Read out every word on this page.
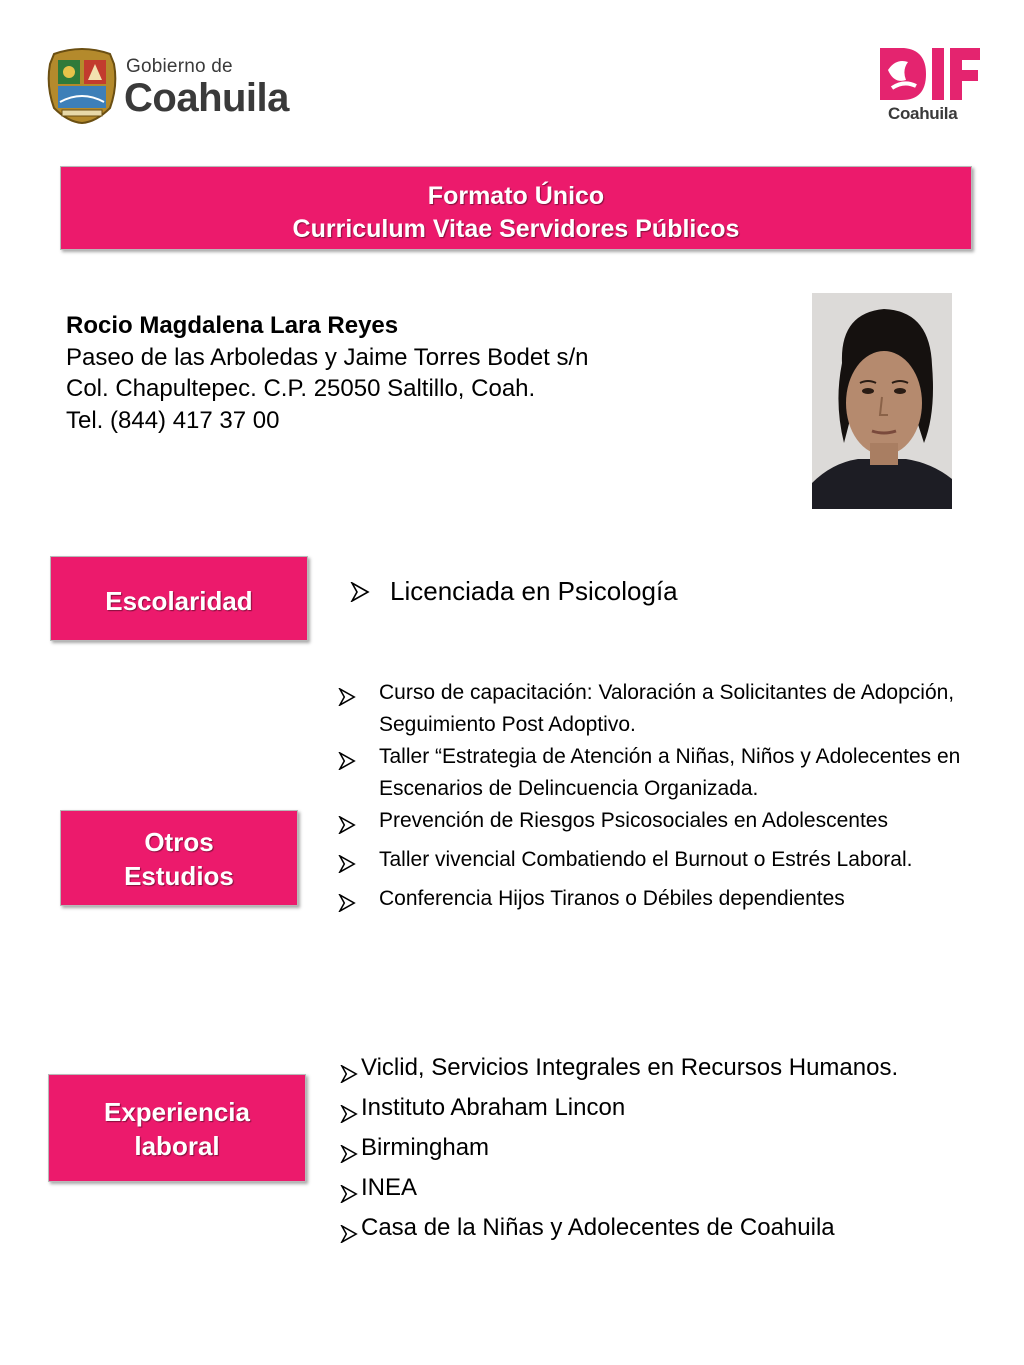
Gobierno de
Coahuila	Coahuila
Formato Único
Curriculum Vitae Servidores Públicos
Rocio Magdalena Lara Reyes
Paseo de las Arboledas y Jaime Torres Bodet s/n
Col. Chapultepec. C.P. 25050 Saltillo, Coah.
Tel. (844) 417 37 00
Escolaridad	Licenciada en Psicología
Otros
Estudios
Curso de capacitación: Valoración a Solicitantes de Adopción, Seguimiento Post Adoptivo.
Taller “Estrategia de Atención a Niñas, Niños y Adolecentes en Escenarios de Delincuencia Organizada.
Prevención de Riesgos Psicosociales en Adolescentes
Taller vivencial Combatiendo el Burnout o Estrés Laboral.
Conferencia Hijos Tiranos o Débiles dependientes
Experiencia
laboral
Viclid, Servicios Integrales en Recursos Humanos.
Instituto Abraham Lincon
Birmingham
INEA
Casa de la Niñas y Adolecentes de Coahuila
